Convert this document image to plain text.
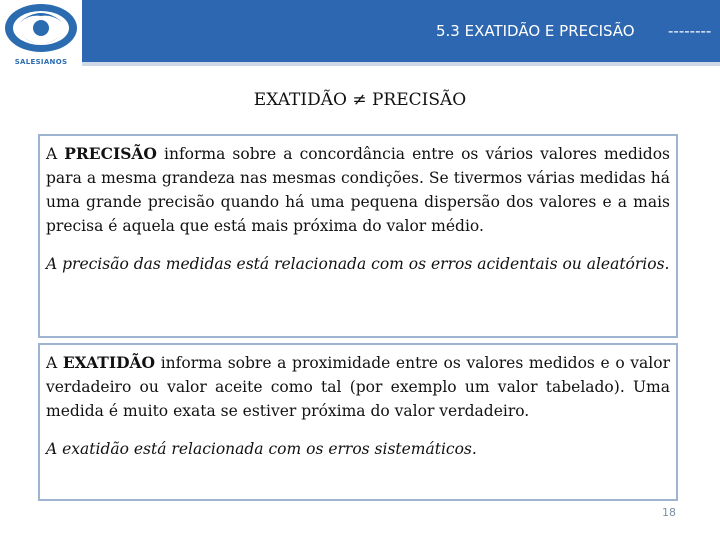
SALESIANOS
5.3 EXATIDÃO E PRECISÃO --------
EXATIDÃO ≠ PRECISÃO

A PRECISÃO informa sobre a concordância entre os vários valores medidos para a mesma grandeza nas mesmas condições. Se tivermos várias medidas há uma grande precisão quando há uma pequena dispersão dos valores e a mais precisa é aquela que está mais próxima do valor médio.

A precisão das medidas está relacionada com os erros acidentais ou aleatórios.

A EXATIDÃO informa sobre a proximidade entre os valores medidos e o valor verdadeiro ou valor aceite como tal (por exemplo um valor tabelado). Uma medida é muito exata se estiver próxima do valor verdadeiro.

A exatidão está relacionada com os erros sistemáticos.

18
